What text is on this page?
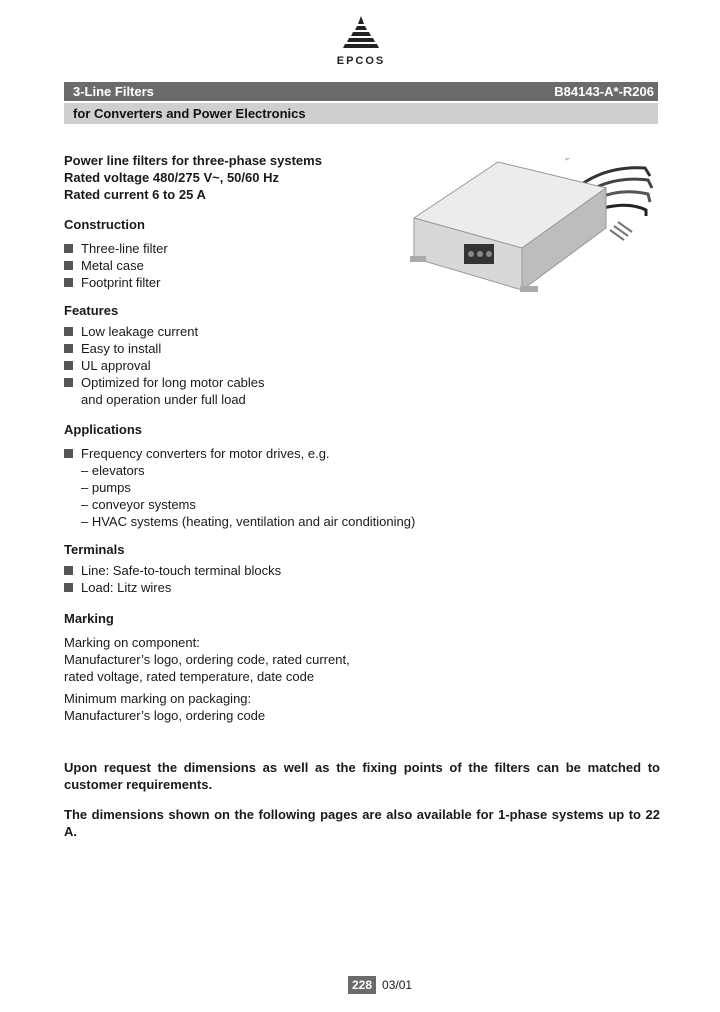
EPCOS
3-Line Filters	B84143-A*-R206
for Converters and Power Electronics
Power line filters for three-phase systems
Rated voltage 480/275 V~, 50/60 Hz
Rated current 6 to 25 A
Construction
Three-line filter
Metal case
Footprint filter
Features
Low leakage current
Easy to install
UL approval
Optimized for long motor cables
and operation under full load
Applications
Frequency converters for motor drives, e.g.
– elevators
– pumps
– conveyor systems
– HVAC systems (heating, ventilation and air conditioning)
Terminals
Line: Safe-to-touch terminal blocks
Load: Litz wires
Marking
Marking on component:
Manufacturer’s logo, ordering code, rated current,
rated voltage, rated temperature, date code
Minimum marking on packaging:
Manufacturer’s logo, ordering code

Upon request the dimensions as well as the fixing points of the filters can be matched to customer requirements.

The dimensions shown on the following pages are also available for 1-phase systems up to 22 A.

228 03/01
